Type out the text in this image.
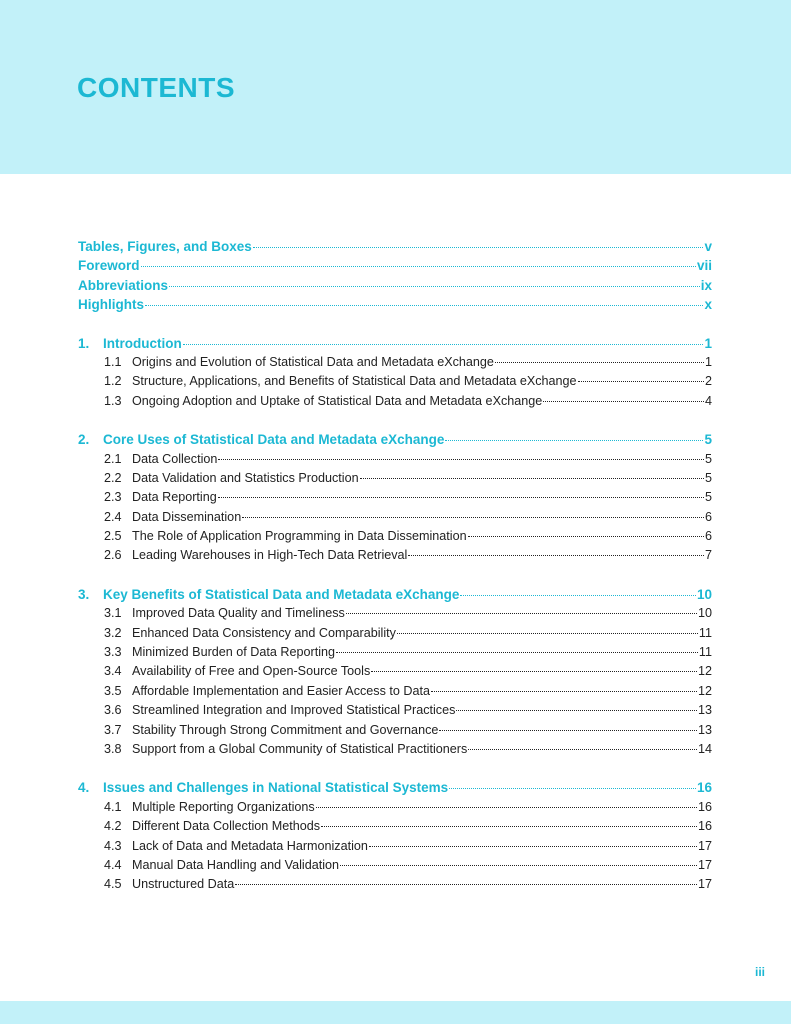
CONTENTS
Tables, Figures, and Boxes	v
Foreword	vii
Abbreviations	ix
Highlights	x
1.	Introduction	1
1.1 Origins and Evolution of Statistical Data and Metadata eXchange	1
1.2 Structure, Applications, and Benefits of Statistical Data and Metadata eXchange	2
1.3 Ongoing Adoption and Uptake of Statistical Data and Metadata eXchange	4
2.	Core Uses of Statistical Data and Metadata eXchange	5
2.1 Data Collection	5
2.2 Data Validation and Statistics Production	5
2.3 Data Reporting	5
2.4 Data Dissemination	6
2.5 The Role of Application Programming in Data Dissemination	6
2.6 Leading Warehouses in High-Tech Data Retrieval	7
3.	Key Benefits of Statistical Data and Metadata eXchange	10
3.1 Improved Data Quality and Timeliness	10
3.2 Enhanced Data Consistency and Comparability	11
3.3 Minimized Burden of Data Reporting	11
3.4 Availability of Free and Open-Source Tools	12
3.5 Affordable Implementation and Easier Access to Data	12
3.6 Streamlined Integration and Improved Statistical Practices	13
3.7 Stability Through Strong Commitment and Governance	13
3.8 Support from a Global Community of Statistical Practitioners	14
4.	Issues and Challenges in National Statistical Systems	16
4.1 Multiple Reporting Organizations	16
4.2 Different Data Collection Methods	16
4.3 Lack of Data and Metadata Harmonization	17
4.4 Manual Data Handling and Validation	17
4.5 Unstructured Data	17
iii
